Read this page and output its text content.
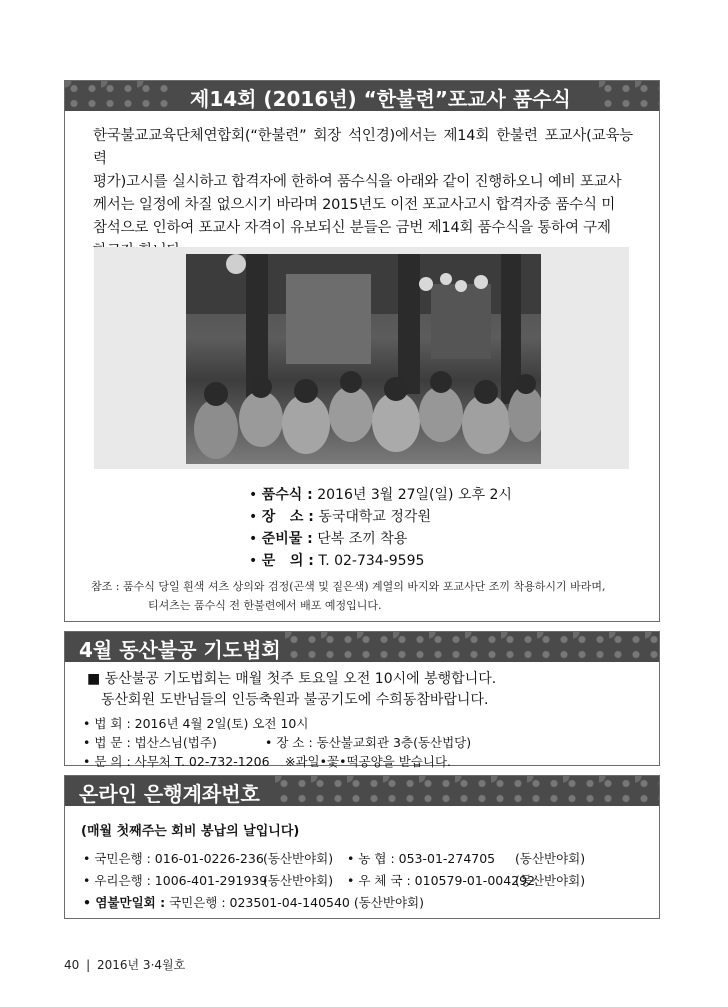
제14회 (2016년) “한불련”포교사 품수식
한국불교교육단체연합회(“한불련” 회장 석인경)에서는 제14회 한불련 포교사(교육능력
평가)고시를 실시하고 합격자에 한하여 품수식을 아래와 같이 진행하오니 예비 포교사
께서는 일정에 차질 없으시기 바라며 2015년도 이전 포교사고시 합격자중 품수식 미
참석으로 인하여 포교사 자격이 유보되신 분들은 금번 제14회 품수식을 통하여 구제
• 품수식 : 2016년 3월 27일(일) 오후 2시
• 장   소 : 동국대학교 정각원
• 준비물 : 단복 조끼 착용
• 문   의 : T. 02-734-9595
참조 : 품수식 당일 흰색 셔츠 상의와 검정(곤색 및 짙은색) 계열의 바지와 포교사단 조끼 착용하시기 바라며,
티셔츠는 품수식 전 한불련에서 배포 예정입니다.
4월 동산불공 기도법회
■ 동산불공 기도법회는 매월 첫주 토요일 오전 10시에 봉행합니다.
동산회원 도반님들의 인등축원과 불공기도에 수희동참바랍니다.
• 법 회 : 2016년 4월 2일(토) 오전 10시
• 법 문 : 법산스님(법주)	• 장 소 : 동산불교회관 3층(동산법당)
• 문 의 : 사무처 T. 02-732-1206 ※과일•꽃•떡공양을 받습니다.
온라인 은행계좌번호
(매월 첫째주는 회비 봉납의 날입니다)
• 국민은행 : 016-01-0226-236 (동산반야회) • 농 협 : 053-01-274705 (동산반야회)
• 우리은행 : 1006-401-291939
(동산반야회) • 우 체 국 : 010579-01-004292
(동산반야회)
• 염불만일회 : 국민은행 : 023501-04-140540 (동산반야회)
40 | 2016년 3·4월호
